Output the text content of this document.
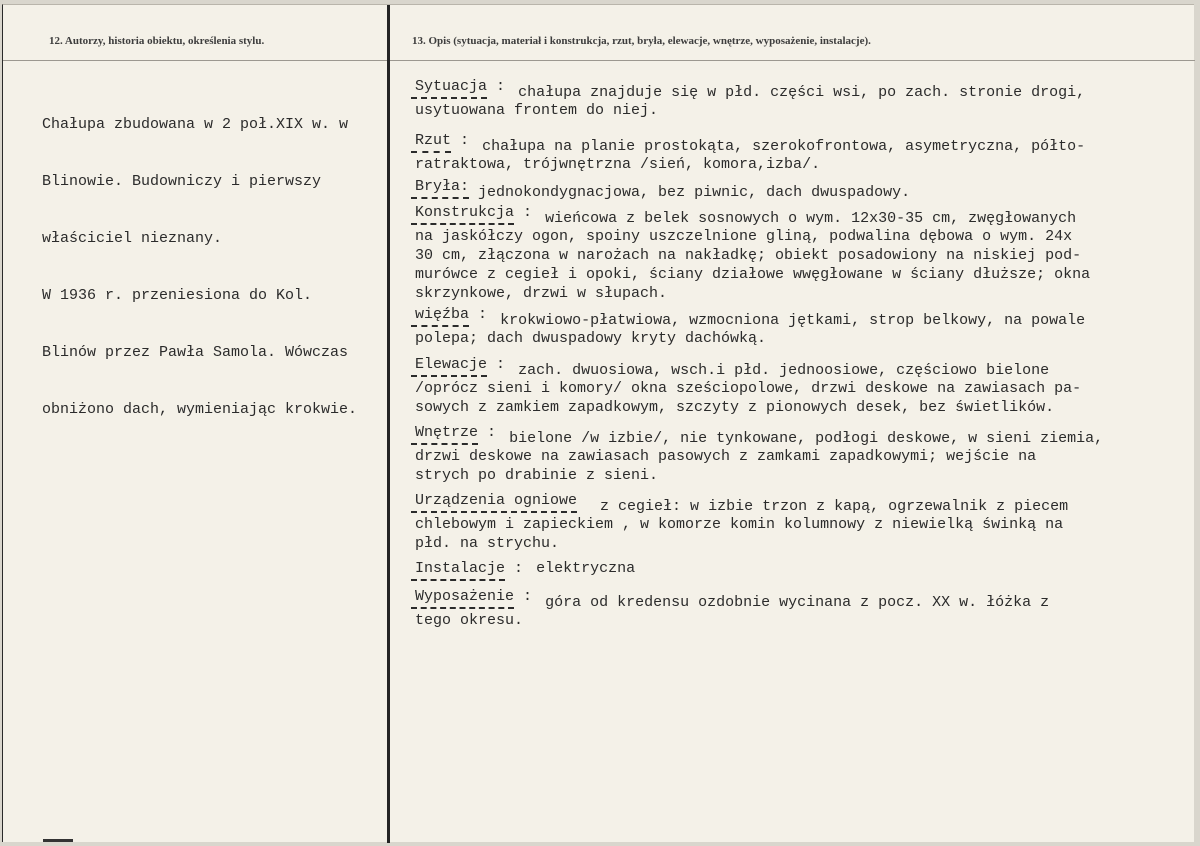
12. Autorzy, historia obiektu, określenia stylu.	13. Opis (sytuacja, materiał i konstrukcja, rzut, bryła, elewacje, wnętrze, wyposażenie, instalacje).

Chałupa zbudowana w 2 poł.XIX w. w

Blinowie. Budowniczy i pierwszy

właściciel nieznany.

W 1936 r. przeniesiona do Kol.

Blinów przez Pawła Samola. Wówczas

obniżono dach, wymieniając krokwie.

Sytuacja : chałupa znajduje się w płd. części wsi, po zach. stronie drogi,
usytuowana frontem do niej.
Rzut : chałupa na planie prostokąta, szerokofrontowa, asymetryczna, półto-
ratraktowa, trójwnętrzna /sień, komora,izba/.
Bryła: jednokondygnacjowa, bez piwnic, dach dwuspadowy.
Konstrukcja : wieńcowa z belek sosnowych o wym. 12x30-35 cm, zwęgłowanych
na jaskółczy ogon, spoiny uszczelnione gliną, podwalina dębowa o wym. 24x
30 cm, złączona w narożach na nakładkę; obiekt posadowiony na niskiej pod-
murówce z cegieł i opoki, ściany działowe wwęgłowane w ściany dłuższe; okna
skrzynkowe, drzwi w słupach.
więźba : krokwiowo-płatwiowa, wzmocniona jętkami, strop belkowy, na powale
polepa; dach dwuspadowy kryty dachówką.
Elewacje : zach. dwuosiowa, wsch.i płd. jednoosiowe, częściowo bielone
/oprócz sieni i komory/ okna sześciopolowe, drzwi deskowe na zawiasach pa-
sowych z zamkiem zapadkowym, szczyty z pionowych desek, bez świetlików.
Wnętrze : bielone /w izbie/, nie tynkowane, podłogi deskowe, w sieni ziemia,
drzwi deskowe na zawiasach pasowych z zamkami zapadkowymi; wejście na
strych po drabinie z sieni.
Urządzenia ogniowe z cegieł: w izbie trzon z kapą, ogrzewalnik z piecem
chlebowym i zapieckiem , w komorze komin kolumnowy z niewielką świnką na
płd. na strychu.
Instalacje : elektryczna
Wyposażenie : góra od kredensu ozdobnie wycinana z pocz. XX w. łóżka z
tego okresu.
